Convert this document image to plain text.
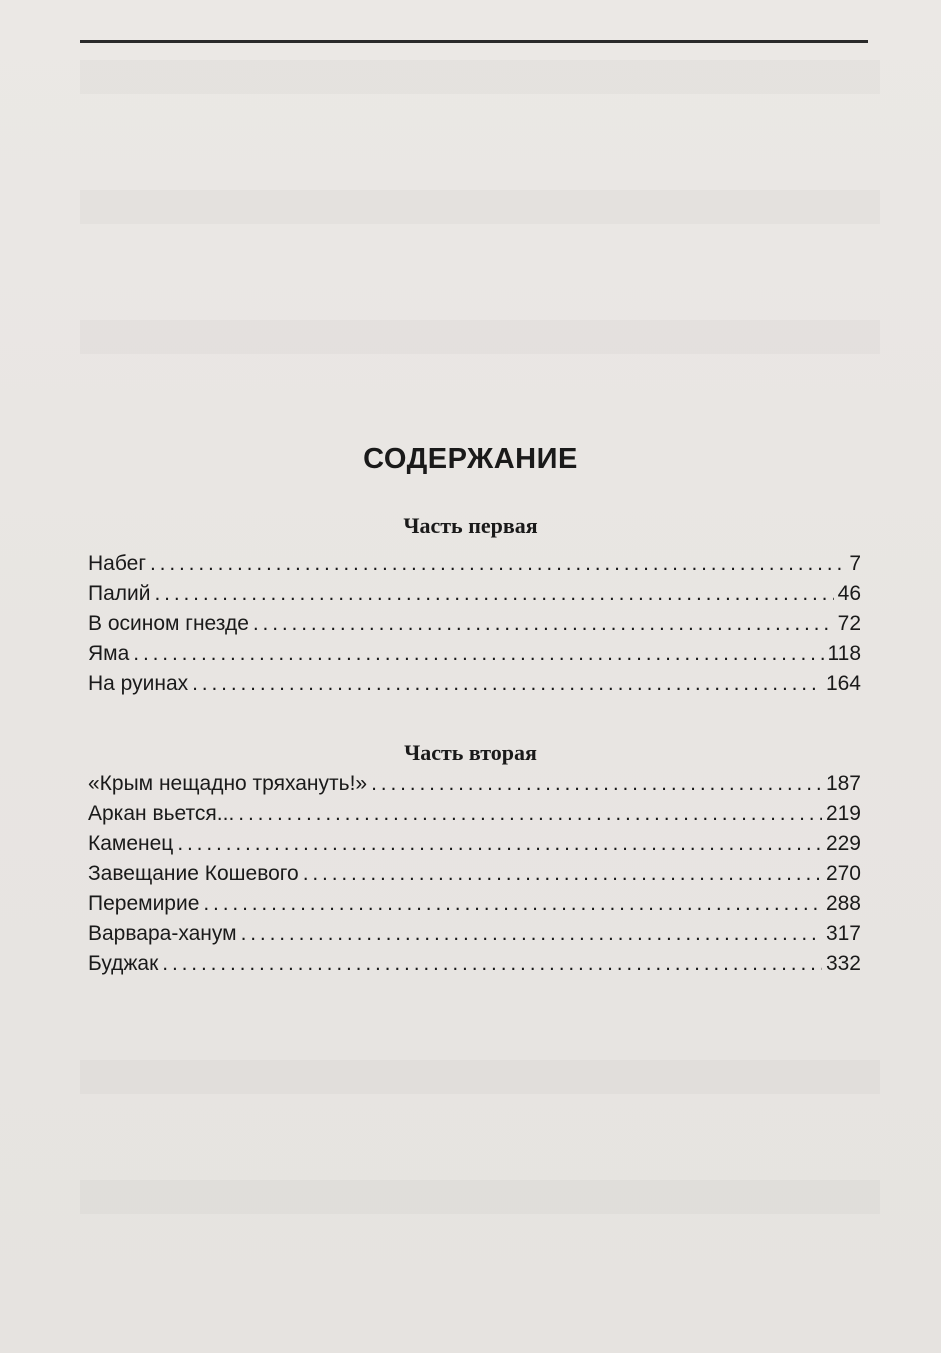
СОДЕРЖАНИЕ
Часть первая
Набег . . .	7
Палий . . .	46
В осином гнезде . . .	72
Яма . . .	118
На руинах . . .	164
Часть вторая
«Крым нещадно тряхануть!» . . .	187
Аркан вьется... . . .	219
Каменец . . .	229
Завещание Кошевого . . .	270
Перемирие . . .	288
Варвара-ханум . . .	317
Буджак . . .	332
